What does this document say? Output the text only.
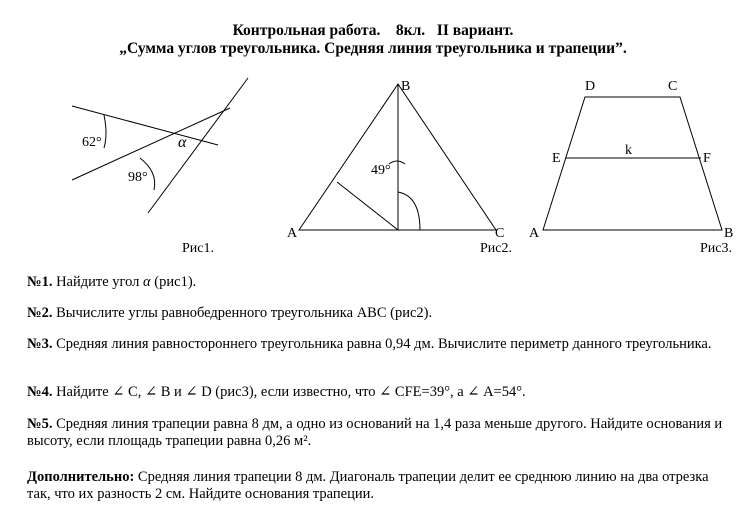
Контрольная работа.    8кл.   II вариант.
„Сумма углов треугольника. Средняя линия треугольника и трапеции”.
62°
98°
α
Рис1.
A
B
C
49°
Рис2.
D	C
E	F
k
A	B
Рис3.
№1. Найдите угол α (рис1).
№2. Вычислите углы равнобедренного треугольника АВС (рис2).
№3. Средняя линия равностороннего треугольника равна 0,94 дм. Вычислите периметр данного треугольника.
№4. Найдите ∠ C, ∠ B и ∠ D (рис3), если известно, что ∠ CFE=39°, а ∠ A=54°.
№5. Средняя линия трапеции равна 8 дм, а одно из оснований на 1,4 раза меньше другого. Найдите основания и высоту, если площадь трапеции равна 0,26 м².
Дополнительно: Средняя линия трапеции 8 дм. Диагональ трапеции делит ее среднюю линию на два отрезка так, что их разность 2 см. Найдите основания трапеции.
